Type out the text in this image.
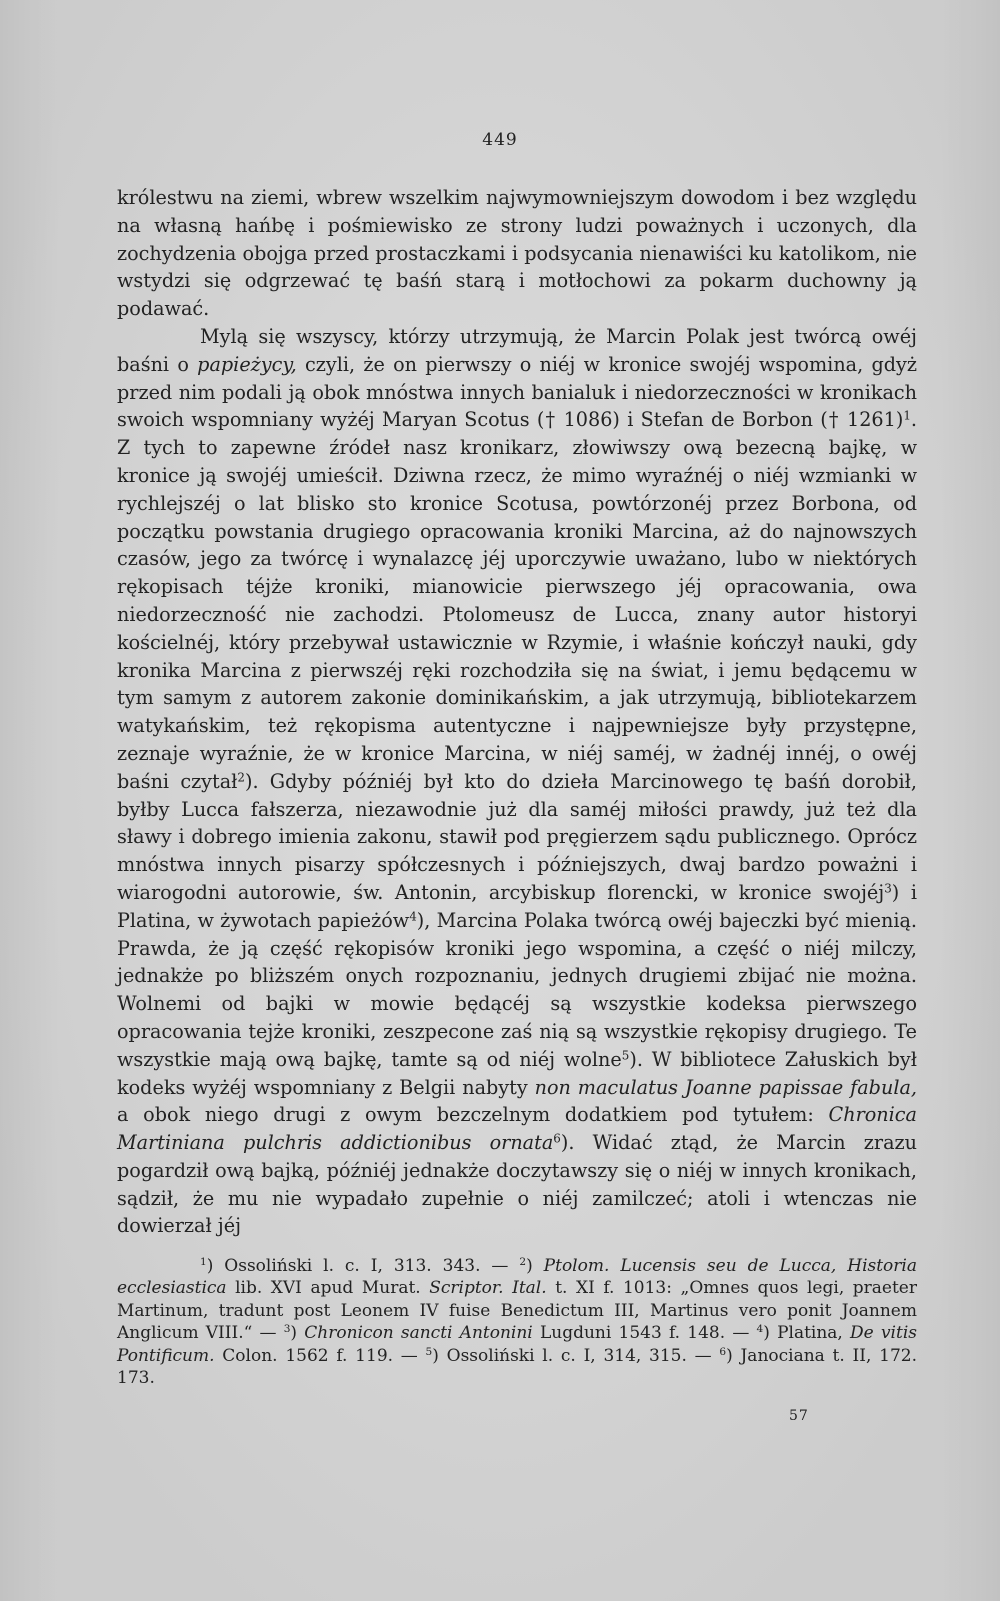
449

królestwu na ziemi, wbrew wszelkim najwymowniejszym dowodom i bez względu na własną hańbę i pośmiewisko ze strony ludzi poważnych i uczonych, dla zochydzenia obojga przed prostaczkami i podsycania nienawiści ku katolikom, nie wstydzi się odgrzewać tę baśń starą i motłochowi za pokarm duchowny ją podawać.

Mylą się wszyscy, którzy utrzymują, że Marcin Polak jest twórcą owéj baśni o papieżycy, czyli, że on pierwszy o niéj w kronice swojéj wspomina, gdyż przed nim podali ją obok mnóstwa innych banialuk i niedorzeczności w kronikach swoich wspomniany wyżéj Maryan Scotus († 1086) i Stefan de Borbon († 1261)$^1$. Z tych to zapewne źródeł nasz kronikarz, złowiwszy ową bezecną bajkę, w kronice ją swojéj umieścił. Dziwna rzecz, że mimo wyraźnéj o niéj wzmianki w rychlejszéj o lat blisko sto kronice Scotusa, powtórzonéj przez Borbona, od początku powstania drugiego opracowania kroniki Marcina, aż do najnowszych czasów, jego za twórcę i wynalazcę jéj uporczywie uważano, lubo w niektórych rękopisach téjże kroniki, mianowicie pierwszego jéj opracowania, owa niedorzeczność nie zachodzi. Ptolomeusz de Lucca, znany autor historyi kościelnéj, który przebywał ustawicznie w Rzymie, i właśnie kończył nauki, gdy kronika Marcina z pierwszéj ręki rozchodziła się na świat, i jemu będącemu w tym samym z autorem zakonie dominikańskim, a jak utrzymują, bibliotekarzem watykańskim, też rękopisma autentyczne i najpewniejsze były przystępne, zeznaje wyraźnie, że w kronice Marcina, w niéj saméj, w żadnéj innéj, o owéj baśni czytał$^2$). Gdyby późniéj był kto do dzieła Marcinowego tę baśń dorobił, byłby Lucca fałszerza, niezawodnie już dla saméj miłości prawdy, już też dla sławy i dobrego imienia zakonu, stawił pod pręgierzem sądu publicznego. Oprócz mnóstwa innych pisarzy spółczesnych i późniejszych, dwaj bardzo poważni i wiarogodni autorowie, św. Antonin, arcybiskup florencki, w kronice swojéj$^3$) i Platina, w żywotach papieżów$^4$), Marcina Polaka twórcą owéj bajeczki być mienią. Prawda, że ją część rękopisów kroniki jego wspomina, a część o niéj milczy, jednakże po bliższém onych rozpoznaniu, jednych drugiemi zbijać nie można. Wolnemi od bajki w mowie będącéj są wszystkie kodeksa pierwszego opracowania tejże kroniki, zeszpecone zaś nią są wszystkie rękopisy drugiego. Te wszystkie mają ową bajkę, tamte są od niéj wolne$^5$). W bibliotece Załuskich był kodeks wyżéj wspomniany z Belgii nabyty non maculatus Joanne papissae fabula, a obok niego drugi z owym bezczelnym dodatkiem pod tytułem: Chronica Martiniana pulchris addictionibus ornata$^6$). Widać ztąd, że Marcin zrazu pogardził ową bajką, późniéj jednakże doczytawszy się o niéj w innych kronikach, sądził, że mu nie wypadało zupełnie o niéj zamilczeć; atoli i wtenczas nie dowierzał jéj

$^1$) Ossoliński l. c. I, 313. 343. — $^2$) Ptolom. Lucensis seu de Lucca, Historia ecclesiastica lib. XVI apud Murat. Scriptor. Ital. t. XI f. 1013: „Omnes quos legi, praeter Martinum, tradunt post Leonem IV fuise Benedictum III, Martinus vero ponit Joannem Anglicum VIII.“ — $^3$) Chronicon sancti Antonini Lugduni 1543 f. 148. — $^4$) Platina, De vitis Pontificum. Colon. 1562 f. 119. — $^5$) Ossoliński l. c. I, 314, 315. — $^6$) Janociana t. II, 172. 173.
57
